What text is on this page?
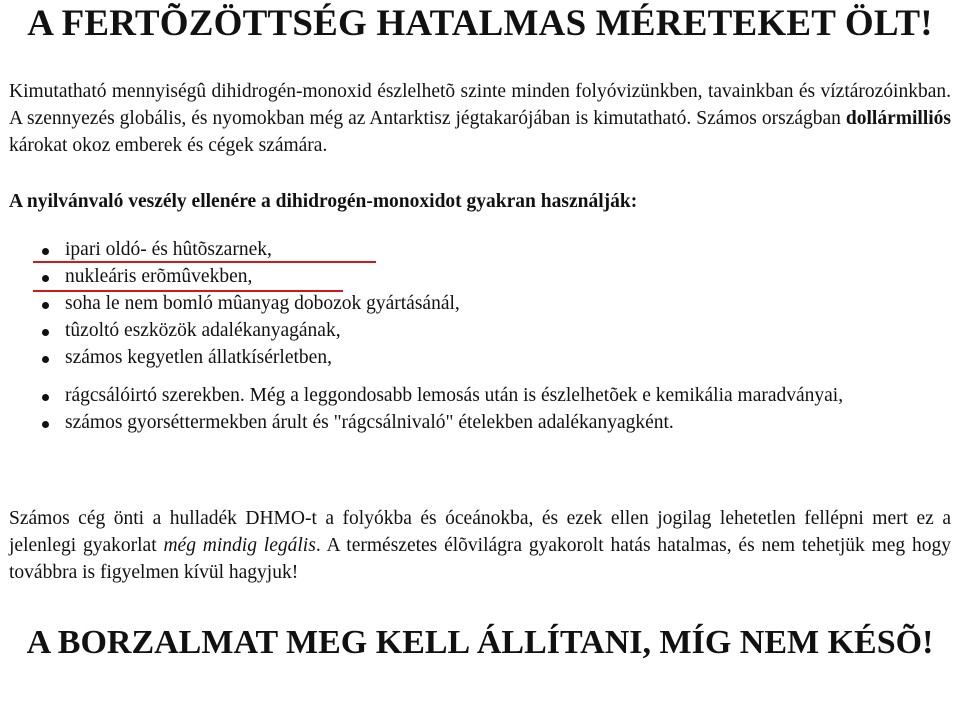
A FERTÕZÖTTSÉG HATALMAS MÉRETEKET ÖLT!

Kimutatható mennyiségû dihidrogén-monoxid észlelhetõ szinte minden folyóvizünkben, tavainkban és víztározóinkban. A szennyezés globális, és nyomokban még az Antarktisz jégtakarójában is kimutatható. Számos országban dollármilliós károkat okoz emberek és cégek számára.

A nyilvánvaló veszély ellenére a dihidrogén-monoxidot gyakran használják:
ipari oldó- és hûtõszarnek,
nukleáris erõmûvekben,
soha le nem bomló mûanyag dobozok gyártásánál,
tûzoltó eszközök adalékanyagának,
számos kegyetlen állatkísérletben,
rágcsálóirtó szerekben. Még a leggondosabb lemosás után is észlelhetõek e kemikália maradványai,
számos gyorséttermekben árult és "rágcsálnivaló" ételekben adalékanyagként.

Számos cég önti a hulladék DHMO-t a folyókba és óceánokba, és ezek ellen jogilag lehetetlen fellépni mert ez a jelenlegi gyakorlat még mindig legális. A természetes élõvilágra gyakorolt hatás hatalmas, és nem tehetjük meg hogy továbbra is figyelmen kívül hagyjuk!

A BORZALMAT MEG KELL ÁLLÍTANI, MÍG NEM KÉSÕ!
